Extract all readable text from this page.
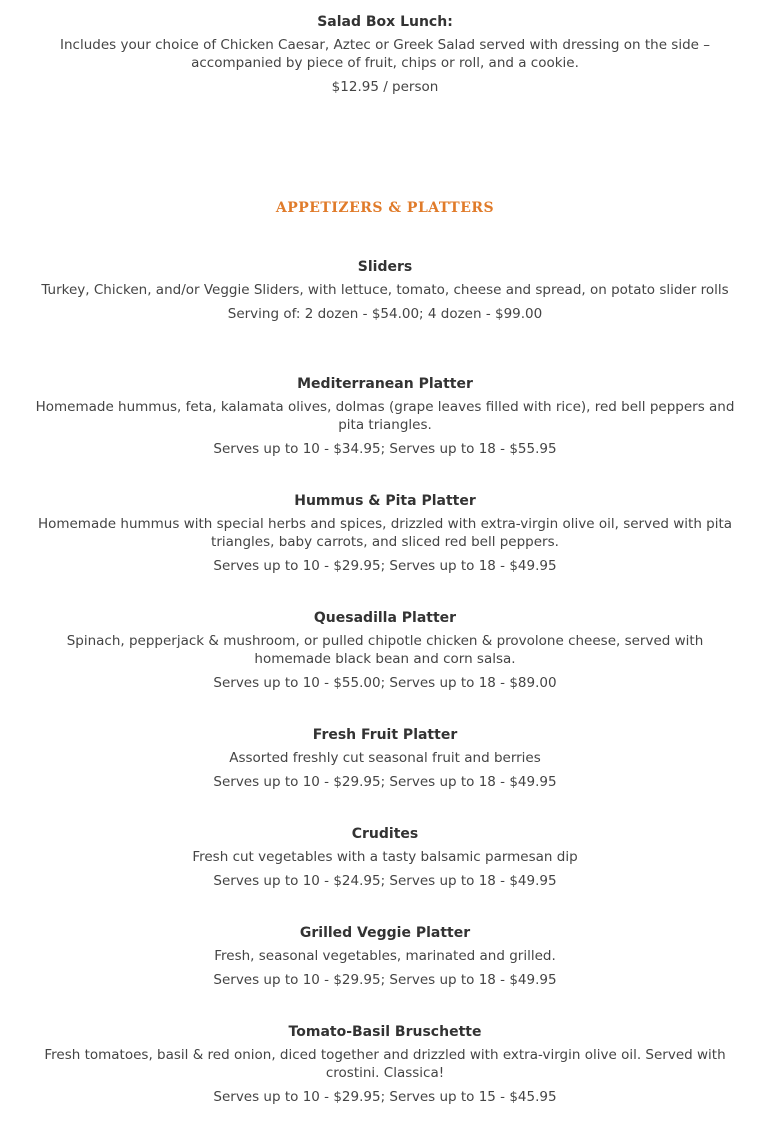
Salad Box Lunch:

Includes your choice of Chicken Caesar, Aztec or Greek Salad served with dressing on the side – accompanied by piece of fruit, chips or roll, and a cookie.

$12.95 / person

APPETIZERS & PLATTERS

Sliders

Turkey, Chicken, and/or Veggie Sliders, with lettuce, tomato, cheese and spread, on potato slider rolls

Serving of: 2 dozen - $54.00; 4 dozen - $99.00

Mediterranean Platter

Homemade hummus, feta, kalamata olives, dolmas (grape leaves filled with rice), red bell peppers and pita triangles.

Serves up to 10 - $34.95; Serves up to 18 - $55.95

Hummus & Pita Platter

Homemade hummus with special herbs and spices, drizzled with extra-virgin olive oil, served with pita triangles, baby carrots, and sliced red bell peppers.

Serves up to 10 - $29.95; Serves up to 18 - $49.95

Quesadilla Platter

Spinach, pepperjack & mushroom, or pulled chipotle chicken & provolone cheese, served with homemade black bean and corn salsa.

Serves up to 10 - $55.00; Serves up to 18 - $89.00

Fresh Fruit Platter

Assorted freshly cut seasonal fruit and berries

Serves up to 10 - $29.95; Serves up to 18 - $49.95

Crudites

Fresh cut vegetables with a tasty balsamic parmesan dip

Serves up to 10 - $24.95; Serves up to 18 - $49.95

Grilled Veggie Platter

Fresh, seasonal vegetables, marinated and grilled.

Serves up to 10 - $29.95; Serves up to 18 - $49.95

Tomato-Basil Bruschette

Fresh tomatoes, basil & red onion, diced together and drizzled with extra-virgin olive oil. Served with crostini. Classica!

Serves up to 10 - $29.95; Serves up to 15 - $45.95
